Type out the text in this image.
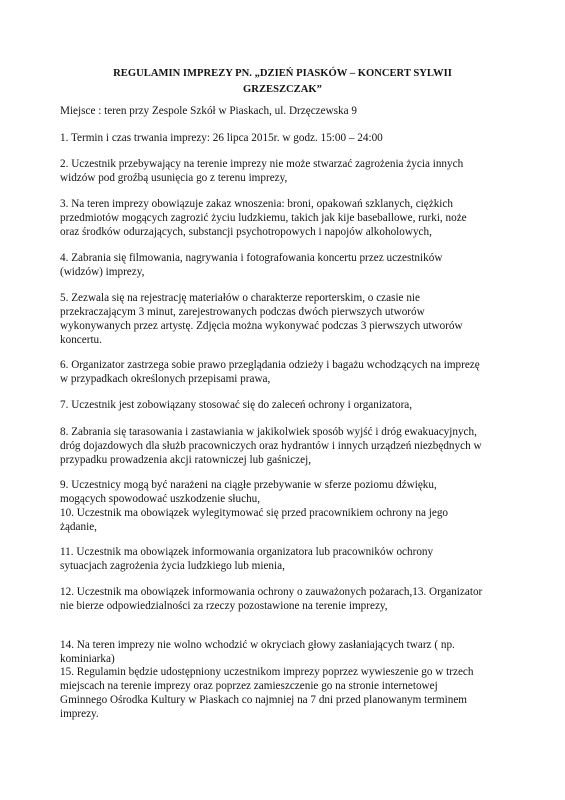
REGULAMIN IMPREZY PN. „DZIEŃ PIASKÓW – KONCERT SYLWII
GRZESZCZAK”

Miejsce : teren przy Zespole Szkół w Piaskach, ul. Drzęczewska 9

1. Termin i czas trwania imprezy: 26 lipca 2015r. w godz. 15:00 – 24:00

2. Uczestnik przebywający na terenie imprezy nie może stwarzać zagrożenia życia innych
widzów pod groźbą usunięcia go z terenu imprezy,

3. Na teren imprezy obowiązuje zakaz wnoszenia: broni, opakowań szklanych, ciężkich
przedmiotów mogących zagrozić życiu ludzkiemu, takich jak kije baseballowe, rurki, noże
oraz środków odurzających, substancji psychotropowych i napojów alkoholowych,

4. Zabrania się filmowania, nagrywania i fotografowania koncertu przez uczestników
(widzów) imprezy,

5. Zezwala się na rejestrację materiałów o charakterze reporterskim, o czasie nie
przekraczającym 3 minut, zarejestrowanych podczas dwóch pierwszych utworów
wykonywanych przez artystę. Zdjęcia można wykonywać podczas 3 pierwszych utworów
koncertu.

6. Organizator zastrzega sobie prawo przeglądania odzieży i bagażu wchodzących na imprezę
w przypadkach określonych przepisami prawa,

7. Uczestnik jest zobowiązany stosować się do zaleceń ochrony i organizatora,

8. Zabrania się tarasowania i zastawiania w jakikolwiek sposób wyjść i dróg ewakuacyjnych,
dróg dojazdowych dla służb pracowniczych oraz hydrantów i innych urządzeń niezbędnych w
przypadku prowadzenia akcji ratowniczej lub gaśniczej,

9. Uczestnicy mogą być narażeni na ciągłe przebywanie w sferze poziomu dźwięku,
mogących spowodować uszkodzenie słuchu,
10. Uczestnik ma obowiązek wylegitymować się przed pracownikiem ochrony na jego
żądanie,

11. Uczestnik ma obowiązek informowania organizatora lub pracowników ochrony
sytuacjach zagrożenia życia ludzkiego lub mienia,

12. Uczestnik ma obowiązek informowania ochrony o zauważonych pożarach,13. Organizator
nie bierze odpowiedzialności za rzeczy pozostawione na terenie imprezy,

14. Na teren imprezy nie wolno wchodzić w okryciach głowy zasłaniających twarz ( np.
kominiarka)

15. Regulamin będzie udostępniony uczestnikom imprezy poprzez wywieszenie go w trzech
miejscach na terenie imprezy oraz poprzez zamieszczenie go na stronie internetowej
Gminnego Ośrodka Kultury w Piaskach co najmniej na 7 dni przed planowanym terminem
imprezy.
